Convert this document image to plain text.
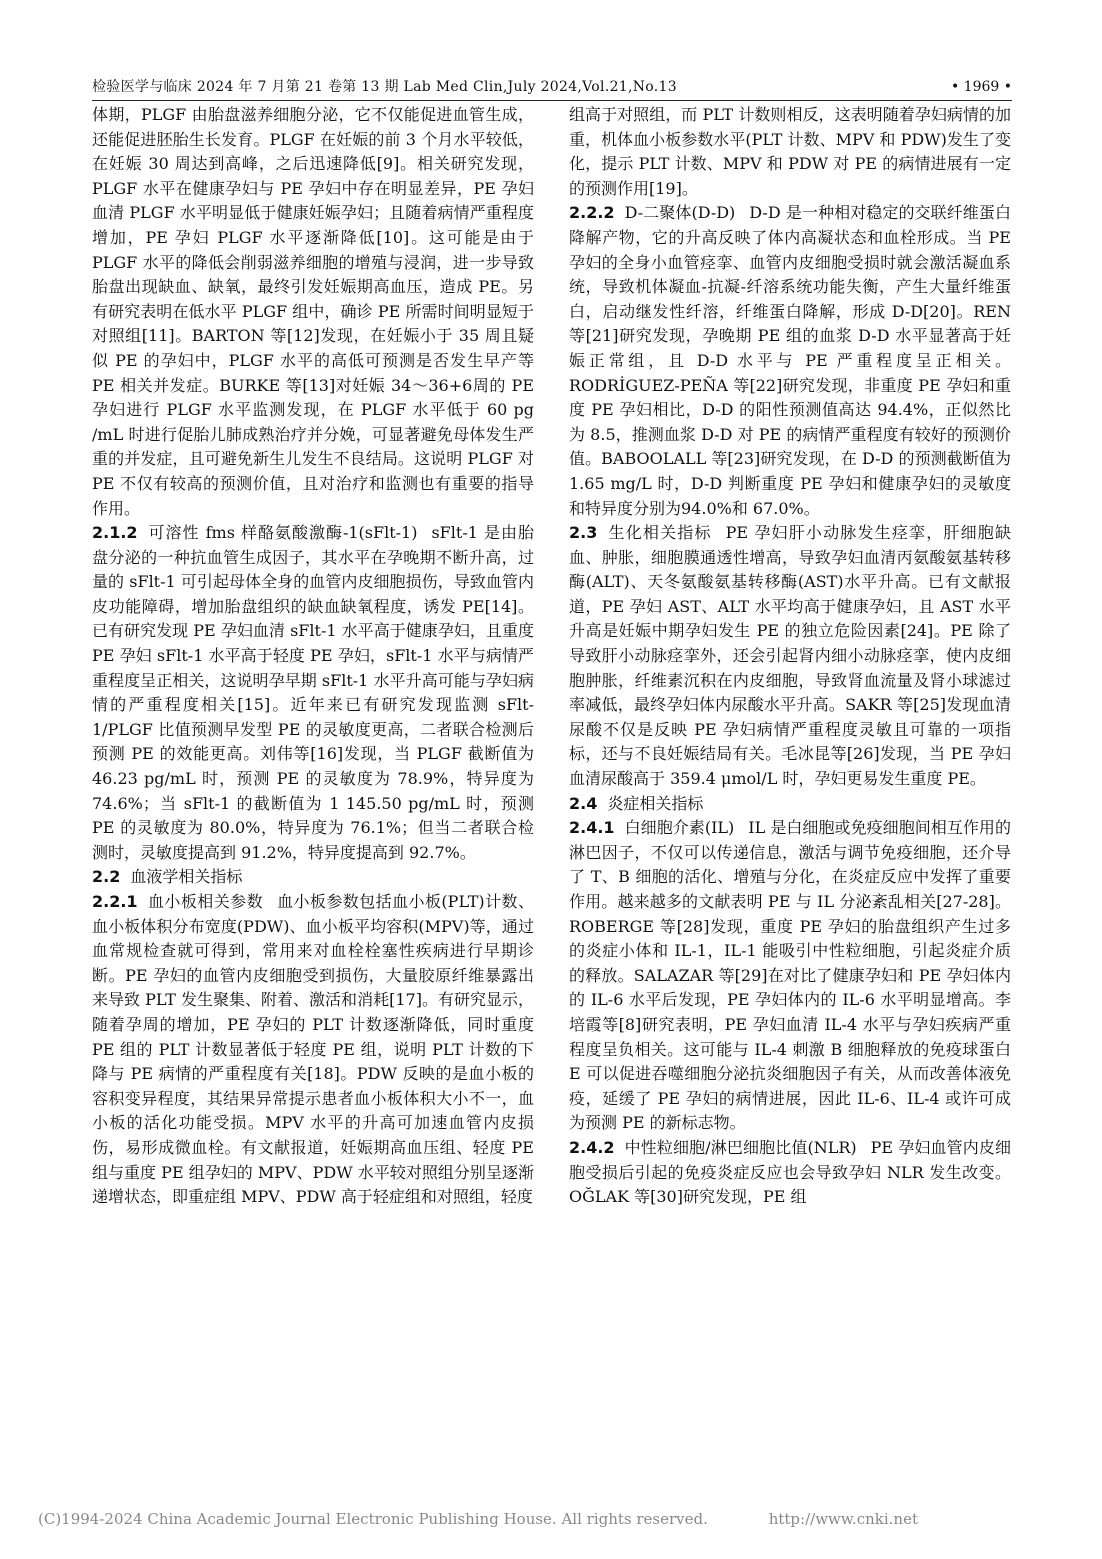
检验医学与临床 2024 年 7 月第 21 卷第 13 期 Lab Med Clin,July 2024,Vol.21,No.13	• 1969 •

体期，PLGF 由胎盘滋养细胞分泌，它不仅能促进血管生成，还能促进胚胎生长发育。PLGF 在妊娠的前 3 个月水平较低，在妊娠 30 周达到高峰，之后迅速降低[9]。相关研究发现，PLGF 水平在健康孕妇与 PE 孕妇中存在明显差异，PE 孕妇血清 PLGF 水平明显低于健康妊娠孕妇；且随着病情严重程度增加，PE 孕妇 PLGF 水平逐渐降低[10]。这可能是由于 PLGF 水平的降低会削弱滋养细胞的增殖与浸润，进一步导致胎盘出现缺血、缺氧，最终引发妊娠期高血压，造成 PE。另有研究表明在低水平 PLGF 组中，确诊 PE 所需时间明显短于对照组[11]。BARTON 等[12]发现，在妊娠小于 35 周且疑似 PE 的孕妇中，PLGF 水平的高低可预测是否发生早产等 PE 相关并发症。BURKE 等[13]对妊娠 34～36+6周的 PE 孕妇进行 PLGF 水平监测发现，在 PLGF 水平低于 60 pg /mL 时进行促胎儿肺成熟治疗并分娩，可显著避免母体发生严重的并发症，且可避免新生儿发生不良结局。这说明 PLGF 对 PE 不仅有较高的预测价值，且对治疗和监测也有重要的指导作用。

2.1.2 可溶性 fms 样酪氨酸激酶-1(sFlt-1) sFlt-1 是由胎盘分泌的一种抗血管生成因子，其水平在孕晚期不断升高，过量的 sFlt-1 可引起母体全身的血管内皮细胞损伤，导致血管内皮功能障碍，增加胎盘组织的缺血缺氧程度，诱发 PE[14]。已有研究发现 PE 孕妇血清 sFlt-1 水平高于健康孕妇，且重度 PE 孕妇 sFlt-1 水平高于轻度 PE 孕妇，sFlt-1 水平与病情严重程度呈正相关，这说明孕早期 sFlt-1 水平升高可能与孕妇病情的严重程度相关[15]。近年来已有研究发现监测 sFlt-1/PLGF 比值预测早发型 PE 的灵敏度更高，二者联合检测后预测 PE 的效能更高。刘伟等[16]发现，当 PLGF 截断值为 46.23 pg/mL 时，预测 PE 的灵敏度为 78.9%，特异度为 74.6%；当 sFlt-1 的截断值为 1 145.50 pg/mL 时，预测 PE 的灵敏度为 80.0%，特异度为 76.1%；但当二者联合检测时，灵敏度提高到 91.2%，特异度提高到 92.7%。

2.2 血液学相关指标

2.2.1 血小板相关参数 血小板参数包括血小板(PLT)计数、血小板体积分布宽度(PDW)、血小板平均容积(MPV)等，通过血常规检查就可得到，常用来对血栓栓塞性疾病进行早期诊断。PE 孕妇的血管内皮细胞受到损伤，大量胶原纤维暴露出来导致 PLT 发生聚集、附着、激活和消耗[17]。有研究显示，随着孕周的增加，PE 孕妇的 PLT 计数逐渐降低，同时重度 PE 组的 PLT 计数显著低于轻度 PE 组，说明 PLT 计数的下降与 PE 病情的严重程度有关[18]。PDW 反映的是血小板的容积变异程度，其结果异常提示患者血小板体积大小不一，血小板的活化功能受损。MPV 水平的升高可加速血管内皮损伤，易形成微血栓。有文献报道，妊娠期高血压组、轻度 PE 组与重度 PE 组孕妇的 MPV、PDW 水平较对照组分别呈逐渐递增状态，即重症组 MPV、PDW 高于轻症组和对照组，轻度

组高于对照组，而 PLT 计数则相反，这表明随着孕妇病情的加重，机体血小板参数水平(PLT 计数、MPV 和 PDW)发生了变化，提示 PLT 计数、MPV 和 PDW 对 PE 的病情进展有一定的预测作用[19]。

2.2.2 D-二聚体(D-D) D-D 是一种相对稳定的交联纤维蛋白降解产物，它的升高反映了体内高凝状态和血栓形成。当 PE 孕妇的全身小血管痉挛、血管内皮细胞受损时就会激活凝血系统，导致机体凝血-抗凝-纤溶系统功能失衡，产生大量纤维蛋白，启动继发性纤溶，纤维蛋白降解，形成 D-D[20]。REN 等[21]研究发现，孕晚期 PE 组的血浆 D-D 水平显著高于妊娠正常组，且 D-D 水平与 PE 严重程度呈正相关。RODRİGUEZ-PEÑA 等[22]研究发现，非重度 PE 孕妇和重度 PE 孕妇相比，D-D 的阳性预测值高达 94.4%，正似然比为 8.5，推测血浆 D-D 对 PE 的病情严重程度有较好的预测价值。BABOOLALL 等[23]研究发现，在 D-D 的预测截断值为 1.65 mg/L 时，D-D 判断重度 PE 孕妇和健康孕妇的灵敏度和特异度分别为94.0%和 67.0%。

2.3 生化相关指标 PE 孕妇肝小动脉发生痉挛，肝细胞缺血、肿胀，细胞膜通透性增高，导致孕妇血清丙氨酸氨基转移酶(ALT)、天冬氨酸氨基转移酶(AST)水平升高。已有文献报道，PE 孕妇 AST、ALT 水平均高于健康孕妇，且 AST 水平升高是妊娠中期孕妇发生 PE 的独立危险因素[24]。PE 除了导致肝小动脉痉挛外，还会引起肾内细小动脉痉挛，使内皮细胞肿胀，纤维素沉积在内皮细胞，导致肾血流量及肾小球滤过率减低，最终孕妇体内尿酸水平升高。SAKR 等[25]发现血清尿酸不仅是反映 PE 孕妇病情严重程度灵敏且可靠的一项指标，还与不良妊娠结局有关。毛冰昆等[26]发现，当 PE 孕妇血清尿酸高于 359.4 μmol/L 时，孕妇更易发生重度 PE。

2.4 炎症相关指标

2.4.1 白细胞介素(IL) IL 是白细胞或免疫细胞间相互作用的淋巴因子，不仅可以传递信息，激活与调节免疫细胞，还介导了 T、B 细胞的活化、增殖与分化，在炎症反应中发挥了重要作用。越来越多的文献表明 PE 与 IL 分泌紊乱相关[27-28]。ROBERGE 等[28]发现，重度 PE 孕妇的胎盘组织产生过多的炎症小体和 IL-1，IL-1 能吸引中性粒细胞，引起炎症介质的释放。SALAZAR 等[29]在对比了健康孕妇和 PE 孕妇体内的 IL-6 水平后发现，PE 孕妇体内的 IL-6 水平明显增高。李培霞等[8]研究表明，PE 孕妇血清 IL-4 水平与孕妇疾病严重程度呈负相关。这可能与 IL-4 刺激 B 细胞释放的免疫球蛋白 E 可以促进吞噬细胞分泌抗炎细胞因子有关，从而改善体液免疫，延缓了 PE 孕妇的病情进展，因此 IL-6、IL-4 或许可成为预测 PE 的新标志物。

2.4.2 中性粒细胞/淋巴细胞比值(NLR) PE 孕妇血管内皮细胞受损后引起的免疫炎症反应也会导致孕妇 NLR 发生改变。OĞLAK 等[30]研究发现，PE 组

(C)1994-2024 China Academic Journal Electronic Publishing House. All rights reserved.	http://www.cnki.net
